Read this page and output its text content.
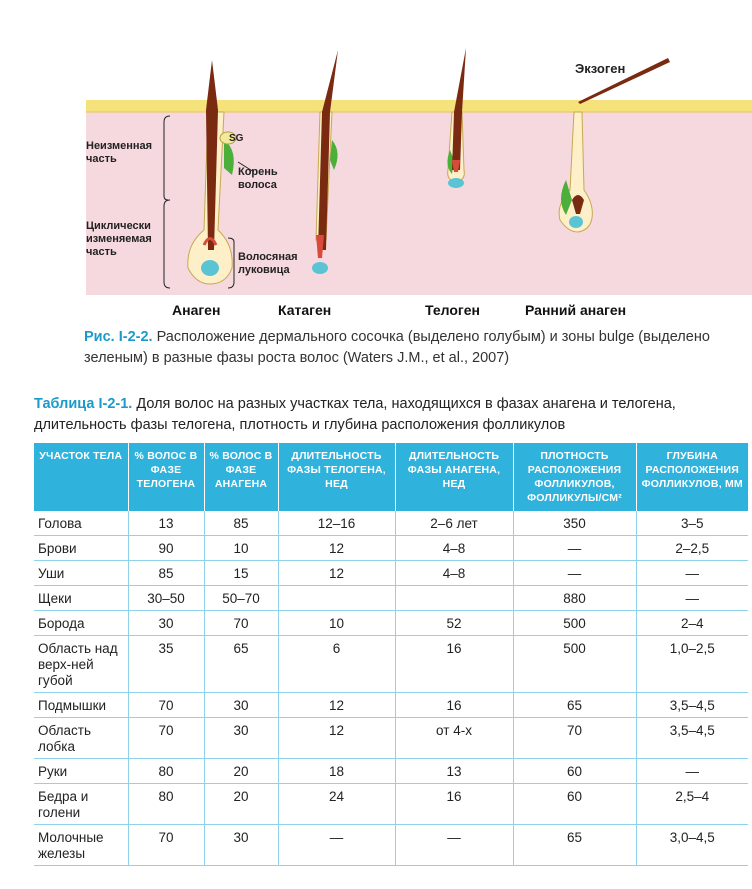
Неизменная часть
SG
Корень волоса
Циклически изменяемая часть	Волосяная луковица
Экзоген
Анаген	Катаген	Телоген	Ранний анаген
Рис. I-2-2. Расположение дермального сосочка (выделено голубым) и зоны bulge (выделено зеленым) в разные фазы роста волос (Waters J.M., et al., 2007)
Таблица I-2-1. Доля волос на разных участках тела, находящихся в фазах анагена и телогена, длительность фазы телогена, плотность и глубина расположения фолликулов
УЧАСТОК ТЕЛА	% ВОЛОС В ФАЗЕ ТЕЛОГЕНА	% ВОЛОС В ФАЗЕ АНАГЕНА	ДЛИТЕЛЬНОСТЬ ФАЗЫ ТЕЛОГЕНА, НЕД	ДЛИТЕЛЬНОСТЬ ФАЗЫ АНАГЕНА, НЕД	ПЛОТНОСТЬ РАСПОЛОЖЕНИЯ ФОЛЛИКУЛОВ, ФОЛЛИКУЛЫ/СМ²	ГЛУБИНА РАСПОЛОЖЕНИЯ ФОЛЛИКУЛОВ, ММ
Голова	13	85	12–16	2–6 лет	350	3–5
Брови	90	10	12	4–8	—	2–2,5
Уши	85	15	12	4–8	—	—
Щеки	30–50	50–70			880	—
Борода	30	70	10	52	500	2–4
Область над верх-ней губой	35	65	6	16	500	1,0–2,5
Подмышки	70	30	12	16	65	3,5–4,5
Область лобка	70	30	12	от 4-х	70	3,5–4,5
Руки	80	20	18	13	60	—
Бедра и голени	80	20	24	16	60	2,5–4
Молочные железы	70	30	—	—	65	3,0–4,5
